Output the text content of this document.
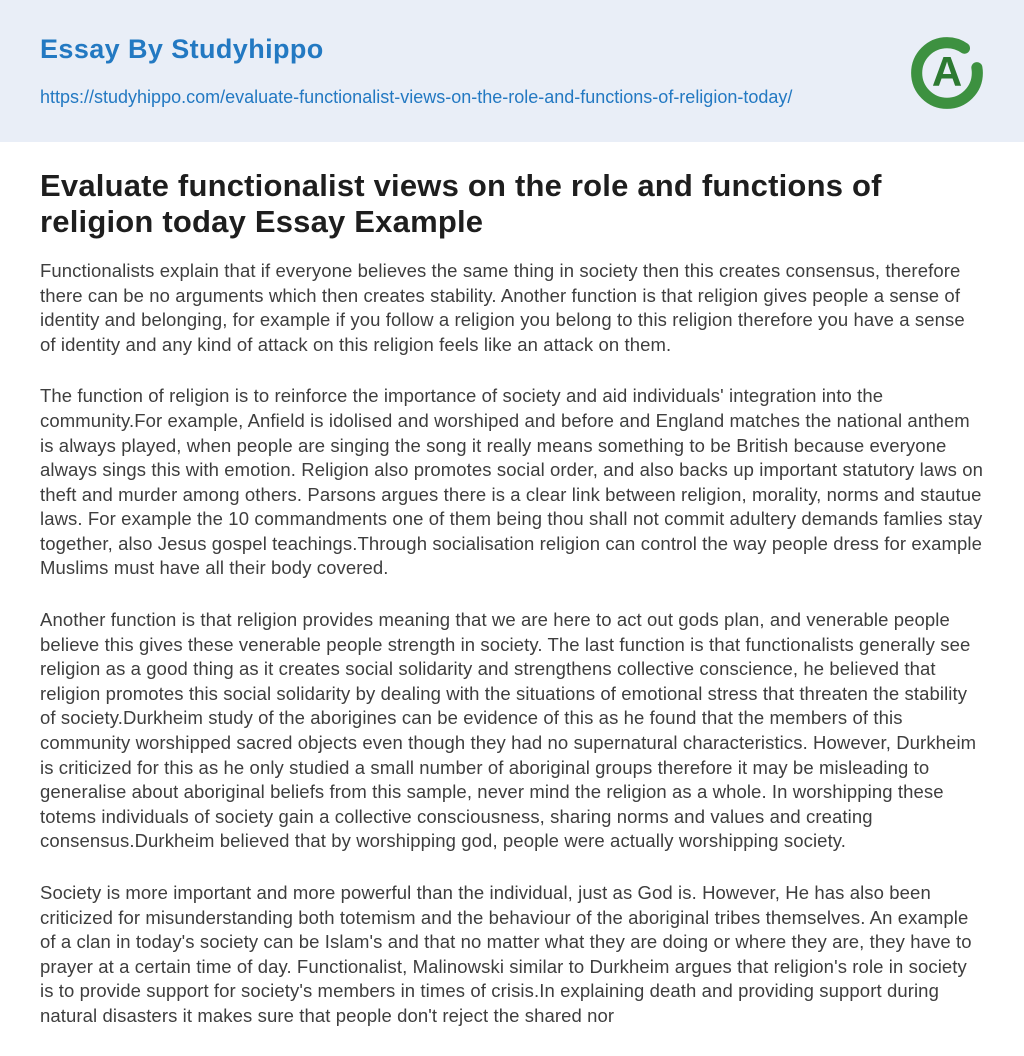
Essay By Studyhippo
https://studyhippo.com/evaluate-functionalist-views-on-the-role-and-functions-of-religion-today/
A
Evaluate functionalist views on the role and functions of religion today Essay Example

Functionalists explain that if everyone believes the same thing in society then this creates consensus, therefore there can be no arguments which then creates stability. Another function is that religion gives people a sense of identity and belonging, for example if you follow a religion you belong to this religion therefore you have a sense of identity and any kind of attack on this religion feels like an attack on them.

The function of religion is to reinforce the importance of society and aid individuals' integration into the community.For example, Anfield is idolised and worshiped and before and England matches the national anthem is always played, when people are singing the song it really means something to be British because everyone always sings this with emotion. Religion also promotes social order, and also backs up important statutory laws on theft and murder among others. Parsons argues there is a clear link between religion, morality, norms and stautue laws. For example the 10 commandments one of them being thou shall not commit adultery demands famlies stay together, also Jesus gospel teachings.Through socialisation religion can control the way people dress for example Muslims must have all their body covered.

Another function is that religion provides meaning that we are here to act out gods plan, and venerable people believe this gives these venerable people strength in society. The last function is that functionalists generally see religion as a good thing as it creates social solidarity and strengthens collective conscience, he believed that religion promotes this social solidarity by dealing with the situations of emotional stress that threaten the stability of society.Durkheim study of the aborigines can be evidence of this as he found that the members of this community worshipped sacred objects even though they had no supernatural characteristics. However, Durkheim is criticized for this as he only studied a small number of aboriginal groups therefore it may be misleading to generalise about aboriginal beliefs from this sample, never mind the religion as a whole. In worshipping these totems individuals of society gain a collective consciousness, sharing norms and values and creating consensus.Durkheim believed that by worshipping god, people were actually worshipping society.

Society is more important and more powerful than the individual, just as God is. However, He has also been criticized for misunderstanding both totemism and the behaviour of the aboriginal tribes themselves. An example of a clan in today's society can be Islam's and that no matter what they are doing or where they are, they have to prayer at a certain time of day. Functionalist, Malinowski similar to Durkheim argues that religion's role in society is to provide support for society's members in times of crisis.In explaining death and providing support during natural disasters it makes sure that people don't reject the shared nor
